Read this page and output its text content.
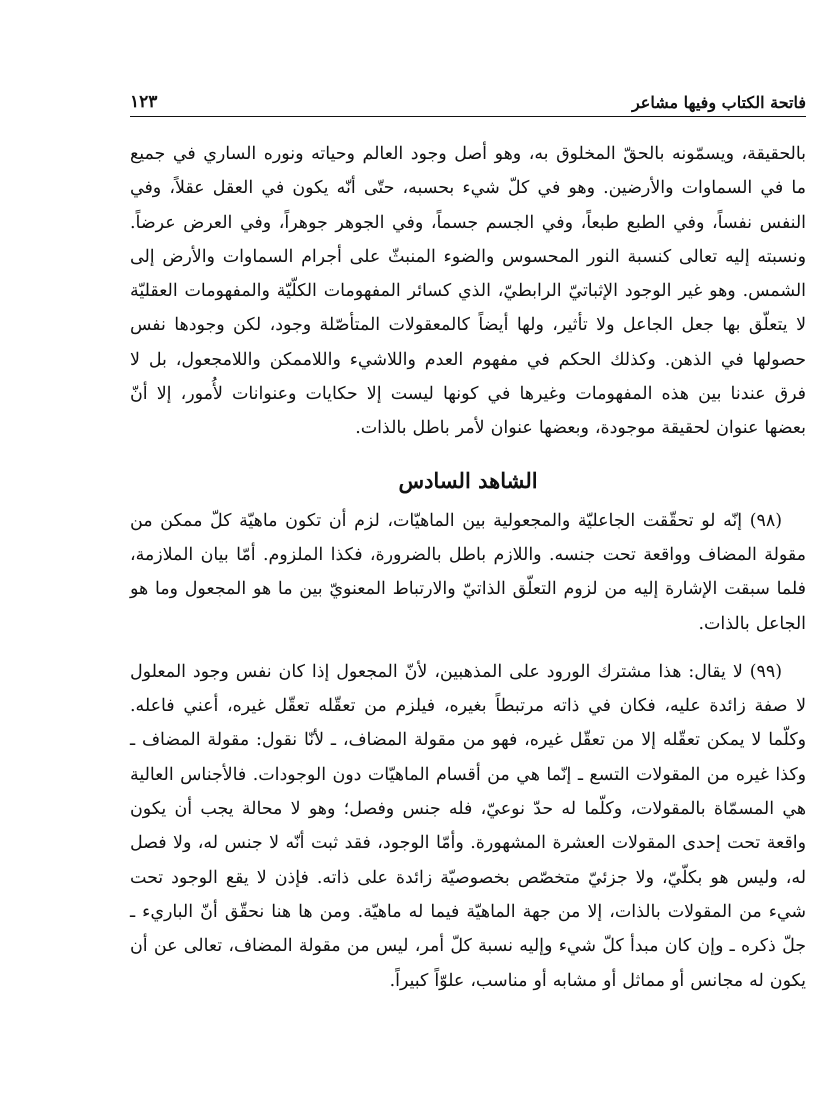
فاتحة الكتاب وفيها مشاعر
١٢٣

بالحقيقة، ويسمّونه بالحقّ المخلوق به، وهو أصل وجود العالم وحياته ونوره الساري في جميع ما في السماوات والأرضين. وهو في كلّ شيء بحسبه، حتّى أنّه يكون في العقل عقلاً، وفي النفس نفساً، وفي الطبع طبعاً، وفي الجسم جسماً، وفي الجوهر جوهراً، وفي العرض عرضاً. ونسبته إليه تعالى كنسبة النور المحسوس والضوء المنبثّ على أجرام السماوات والأرض إلى الشمس. وهو غير الوجود الإثباتيّ الرابطيّ، الذي كسائر المفهومات الكلّيّة والمفهومات العقليّة لا يتعلّق بها جعل الجاعل ولا تأثير، ولها أيضاً كالمعقولات المتأصّلة وجود، لكن وجودها نفس حصولها في الذهن. وكذلك الحكم في مفهوم العدم واللاشيء واللاممكن واللامجعول، بل لا فرق عندنا بين هذه المفهومات وغيرها في كونها ليست إلا حكايات وعنوانات لأُمور، إلا أنّ بعضها عنوان لحقيقة موجودة، وبعضها عنوان لأمر باطل بالذات.

الشاهد السادس

(٩٨) إنّه لو تحقّقت الجاعليّة والمجعولية بين الماهيّات، لزم أن تكون ماهيّة كلّ ممكن من مقولة المضاف وواقعة تحت جنسه. واللازم باطل بالضرورة، فكذا الملزوم. أمّا بيان الملازمة، فلما سبقت الإشارة إليه من لزوم التعلّق الذاتيّ والارتباط المعنويّ بين ما هو المجعول وما هو الجاعل بالذات.

(٩٩) لا يقال: هذا مشترك الورود على المذهبين، لأنّ المجعول إذا كان نفس وجود المعلول لا صفة زائدة عليه، فكان في ذاته مرتبطاً بغيره، فيلزم من تعقّله تعقّل غيره، أعني فاعله. وكلّما لا يمكن تعقّله إلا من تعقّل غيره، فهو من مقولة المضاف، ـ لأنّا نقول: مقولة المضاف ـ وكذا غيره من المقولات التسع ـ إنّما هي من أقسام الماهيّات دون الوجودات. فالأجناس العالية هي المسمّاة بالمقولات، وكلّما له حدّ نوعيّ، فله جنس وفصل؛ وهو لا محالة يجب أن يكون واقعة تحت إحدى المقولات العشرة المشهورة. وأمّا الوجود، فقد ثبت أنّه لا جنس له، ولا فصل له، وليس هو بكلّيّ، ولا جزئيّ متخصّص بخصوصيّة زائدة على ذاته. فإذن لا يقع الوجود تحت شيء من المقولات بالذات، إلا من جهة الماهيّة فيما له ماهيّة. ومن ها هنا نحقّق أنّ الباريء ـ جلّ ذكره ـ وإن كان مبدأ كلّ شيء وإليه نسبة كلّ أمر، ليس من مقولة المضاف، تعالى عن أن يكون له مجانس أو مماثل أو مشابه أو مناسب، علوّاً كبيراً.
